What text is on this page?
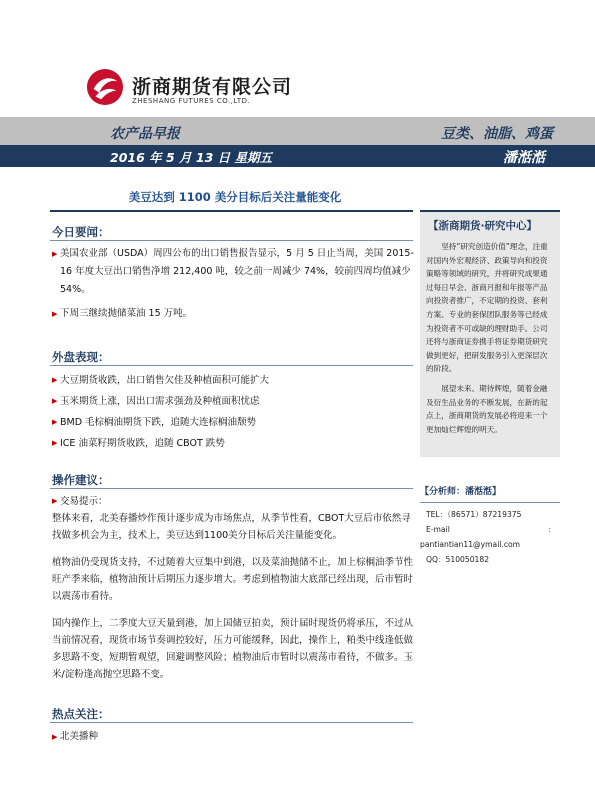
浙商期货有限公司
ZHESHANG FUTURES CO.,LTD.
农产品早报	豆类、油脂、鸡蛋
2016 年 5 月 13 日 星期五	潘湉湉
美豆达到 1100 美分目标后关注量能变化
今日要闻：
▶ 美国农业部（USDA）周四公布的出口销售报告显示，5 月 5 日止当周，美国 2015-16 年度大豆出口销售净增 212,400 吨，较之前一周减少 74%，较前四周均值减少 54%。
▶ 下周三继续抛储菜油 15 万吨。
外盘表现：
▶ 大豆期货收跌，出口销售欠佳及种植面积可能扩大
▶ 玉米期货上涨，因出口需求强劲及种植面积忧虑
▶ BMD 毛棕榈油期货下跌，追随大连棕榈油颓势
▶ ICE 油菜籽期货收跌，追随 CBOT 跌势
操作建议：
▶ 交易提示：
整体来看，北美春播炒作预计逐步成为市场焦点，从季节性看，CBOT大豆后市依然寻找做多机会为主，技术上，美豆达到1100美分目标后关注量能变化。
植物油仍受现货支持，不过随着大豆集中到港，以及菜油抛储不止，加上棕榈油季节性旺产季来临，植物油预计后期压力逐步增大。考虑到植物油大底部已经出现，后市暂时以震荡市看待。
国内操作上，二季度大豆天量到港，加上国储豆拍卖，预计届时现货仍将承压，不过从当前情况看，现货市场节奏调控较好，压力可能缓释，因此，操作上，粕类中线逢低做多思路不变，短期暂观望，回避调整风险；植物油后市暂时以震荡市看待，不做多。玉米/淀粉逢高抛空思路不变。
热点关注：
▶ 北美播种
【浙商期货·研究中心】

坚持“研究创造价值”理念，注重对国内外宏观经济、政策导向和投资策略等领域的研究，并将研究成果通过每日早会、浙商月报和年报等产品向投资者推广，不定期的投资、套利方案、专业的套保团队服务等已经成为投资者不可或缺的理财助手。公司还将与浙商证券携手将证券期货研究做到更好，把研发服务引入更深层次的阶段。

展望未来、期待辉煌，随着金融及衍生品业务的不断发展，在新的起点上，浙商期货的发展必将迎来一个更加灿烂辉煌的明天。

【分析师：潘湉湉】
TEL：（86571）87219375
E-mail	：
pantiantian11@ymail.com
QQ：510050182
